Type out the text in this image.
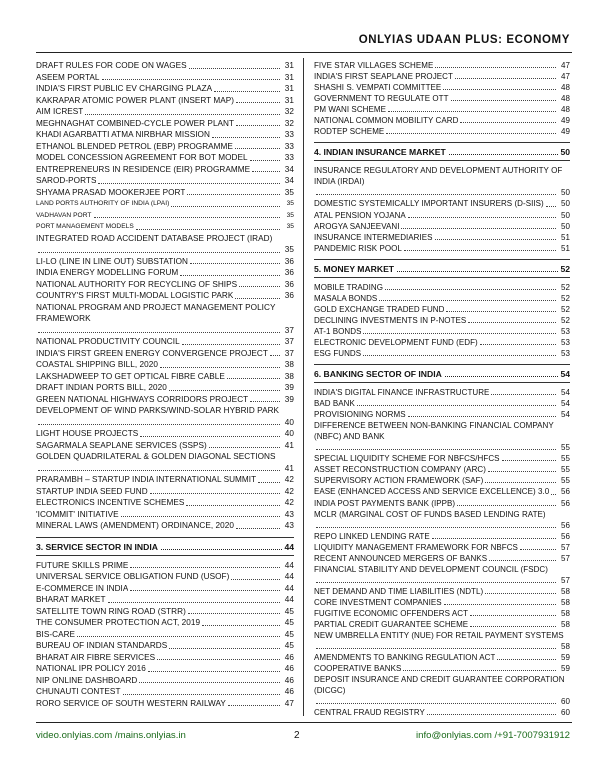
ONLYIAS UDAAN PLUS: ECONOMY
DRAFT RULES FOR CODE ON WAGES	31
ASEEM PORTAL	31
INDIA'S FIRST PUBLIC EV CHARGING PLAZA	31
KAKRAPAR ATOMIC POWER PLANT (INSERT MAP)	31
AIM ICREST	32
MEGHNAGHAT COMBINED-CYCLE POWER PLANT	32
KHADI AGARBATTI ATMA NIRBHAR MISSION	33
ETHANOL BLENDED PETROL (EBP) PROGRAMME	33
MODEL CONCESSION AGREEMENT FOR BOT MODEL	33
ENTREPRENEURS IN RESIDENCE (EIR) PROGRAMME	34
SAROD-PORTS	34
SHYAMA PRASAD MOOKERJEE PORT	35
LAND PORTS AUTHORITY OF INDIA (LPAI)	35
VADHAVAN PORT	35
PORT MANAGEMENT MODELS	35
INTEGRATED ROAD ACCIDENT DATABASE PROJECT (IRAD)
35
LI-LO (LINE IN LINE OUT) SUBSTATION	36
INDIA ENERGY MODELLING FORUM	36
NATIONAL AUTHORITY FOR RECYCLING OF SHIPS	36
COUNTRY'S FIRST MULTI-MODAL LOGISTIC PARK	36
NATIONAL PROGRAM AND PROJECT MANAGEMENT POLICY FRAMEWORK
37
NATIONAL PRODUCTIVITY COUNCIL	37
INDIA'S FIRST GREEN ENERGY CONVERGENCE PROJECT	37
COASTAL SHIPPING BILL, 2020	38
LAKSHADWEEP TO GET OPTICAL FIBRE CABLE	38
DRAFT INDIAN PORTS BILL, 2020	39
GREEN NATIONAL HIGHWAYS CORRIDORS PROJECT	39
DEVELOPMENT OF WIND PARKS/WIND-SOLAR HYBRID PARK
40
LIGHT HOUSE PROJECTS	40
SAGARMALA SEAPLANE SERVICES (SSPS)	41
GOLDEN QUADRILATERAL & GOLDEN DIAGONAL SECTIONS
41
PRARAMBH – STARTUP INDIA INTERNATIONAL SUMMIT	42
STARTUP INDIA SEED FUND	42
ELECTRONICS INCENTIVE SCHEMES	42
'ICOMMIT' INITIATIVE	43
MINERAL LAWS (AMENDMENT) ORDINANCE, 2020	43
3. SERVICE SECTOR IN INDIA	44
FUTURE SKILLS PRIME	44
UNIVERSAL SERVICE OBLIGATION FUND (USOF)	44
E-COMMERCE IN INDIA	44
BHARAT MARKET	44
SATELLITE TOWN RING ROAD (STRR)	45
THE CONSUMER PROTECTION ACT, 2019	45
BIS-CARE	45
BUREAU OF INDIAN STANDARDS	45
BHARAT AIR FIBRE SERVICES	46
NATIONAL IPR POLICY 2016	46
NIP ONLINE DASHBOARD	46
CHUNAUTI CONTEST	46
RORO SERVICE OF SOUTH WESTERN RAILWAY	47
FIVE STAR VILLAGES SCHEME	47
INDIA'S FIRST SEAPLANE PROJECT	47
SHASHI S. VEMPATI COMMITTEE	48
GOVERNMENT TO REGULATE OTT	48
PM WANI SCHEME	48
NATIONAL COMMON MOBILITY CARD	49
RODTEP SCHEME	49
4. INDIAN INSURANCE MARKET	50
INSURANCE REGULATORY AND DEVELOPMENT AUTHORITY OF INDIA (IRDAI)
50
DOMESTIC SYSTEMICALLY IMPORTANT INSURERS (D-SIIS)	50
ATAL PENSION YOJANA	50
AROGYA SANJEEVANI	50
INSURANCE INTERMEDIARIES	51
PANDEMIC RISK POOL	51
5. MONEY MARKET	52
MOBILE TRADING	52
MASALA BONDS	52
GOLD EXCHANGE TRADED FUND	52
DECLINING INVESTMENTS IN P-NOTES	52
AT-1 BONDS	53
ELECTRONIC DEVELOPMENT FUND (EDF)	53
ESG FUNDS	53
6. BANKING SECTOR OF INDIA	54
INDIA'S DIGITAL FINANCE INFRASTRUCTURE	54
BAD BANK	54
PROVISIONING NORMS	54
DIFFERENCE BETWEEN NON-BANKING FINANCIAL COMPANY (NBFC) AND BANK
55
SPECIAL LIQUIDITY SCHEME FOR NBFCS/HFCS	55
ASSET RECONSTRUCTION COMPANY (ARC)	55
SUPERVISORY ACTION FRAMEWORK (SAF)	55
EASE (ENHANCED ACCESS AND SERVICE EXCELLENCE) 3.0	56
INDIA POST PAYMENTS BANK (IPPB)	56
MCLR (MARGINAL COST OF FUNDS BASED LENDING RATE)
56
REPO LINKED LENDING RATE	56
LIQUIDITY MANAGEMENT FRAMEWORK FOR NBFCS	57
RECENT ANNOUNCED MERGERS OF BANKS	57
FINANCIAL STABILITY AND DEVELOPMENT COUNCIL (FSDC)
57
NET DEMAND AND TIME LIABILITIES (NDTL)	58
CORE INVESTMENT COMPANIES	58
FUGITIVE ECONOMIC OFFENDERS ACT	58
PARTIAL CREDIT GUARANTEE SCHEME	58
NEW UMBRELLA ENTITY (NUE) FOR RETAIL PAYMENT SYSTEMS
58
AMENDMENTS TO BANKING REGULATION ACT	59
COOPERATIVE BANKS	59
DEPOSIT INSURANCE AND CREDIT GUARANTEE CORPORATION (DICGC)
60
CENTRAL FRAUD REGISTRY	60
video.onlyias.com /mains.onlyias.in	2	info@onlyias.com /+91-7007931912
